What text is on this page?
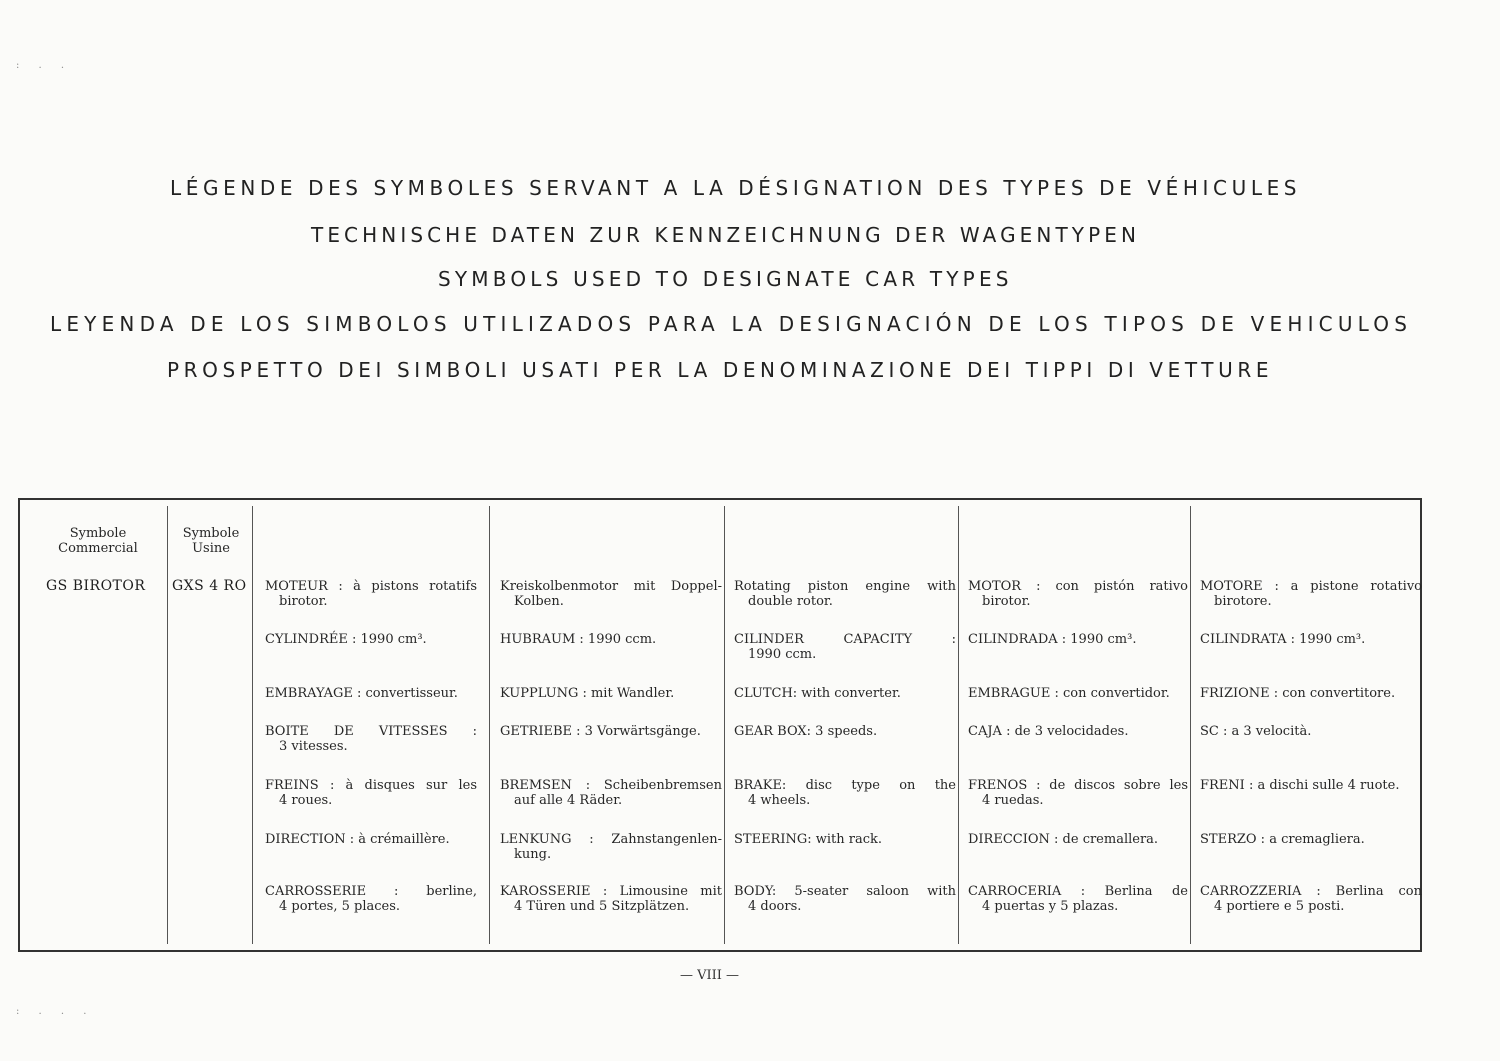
LÉGENDE DES SYMBOLES SERVANT A LA DÉSIGNATION DES TYPES DE VÉHICULES
TECHNISCHE DATEN ZUR KENNZEICHNUNG DER WAGENTYPEN
SYMBOLS USED TO DESIGNATE CAR TYPES
LEYENDA DE LOS SIMBOLOS UTILIZADOS PARA LA DESIGNACIÓN DE LOS TIPOS DE VEHICULOS
PROSPETTO DEI SIMBOLI USATI PER LA DENOMINAZIONE DEI TIPPI DI VETTURE
Symbole
Commercial
Symbole
Usine
GS BIROTOR GXS 4 RO MOTEUR : à pistons rotatifs
birotor.
CYLINDRÉE : 1990 cm³.
EMBRAYAGE : convertisseur.
BOITE DE VITESSES :
3 vitesses.
FREINS : à disques sur les
4 roues.
DIRECTION : à crémaillère.
CARROSSERIE : berline,
4 portes, 5 places.
Kreiskolbenmotor mit Doppel-
Kolben.
HUBRAUM : 1990 ccm.
KUPPLUNG : mit Wandler.
GETRIEBE : 3 Vorwärtsgänge.
BREMSEN : Scheibenbremsen
auf alle 4 Räder.
LENKUNG : Zahnstangenlen-
kung.
KAROSSERIE : Limousine mit
4 Türen und 5 Sitzplätzen.
Rotating piston engine with
double rotor.
CILINDER CAPACITY :
1990 ccm.
CLUTCH: with converter.
GEAR BOX: 3 speeds.
BRAKE: disc type on the
4 wheels.
STEERING: with rack.
BODY: 5-seater saloon with
4 doors.
MOTOR : con pistón rativo
birotor.
CILINDRADA : 1990 cm³.
EMBRAGUE : con convertidor.
CAJA : de 3 velocidades.
FRENOS : de discos sobre les
4 ruedas.
DIRECCION : de cremallera.
CARROCERIA : Berlina de
4 puertas y 5 plazas.
MOTORE : a pistone rotativo
birotore.
CILINDRATA : 1990 cm³.
FRIZIONE : con convertitore.
SC : a 3 velocità.
FRENI : a dischi sulle 4 ruote.
STERZO : a cremagliera.
CARROZZERIA : Berlina con
4 portiere e 5 posti.
— VIII —
: . .
: . . .
